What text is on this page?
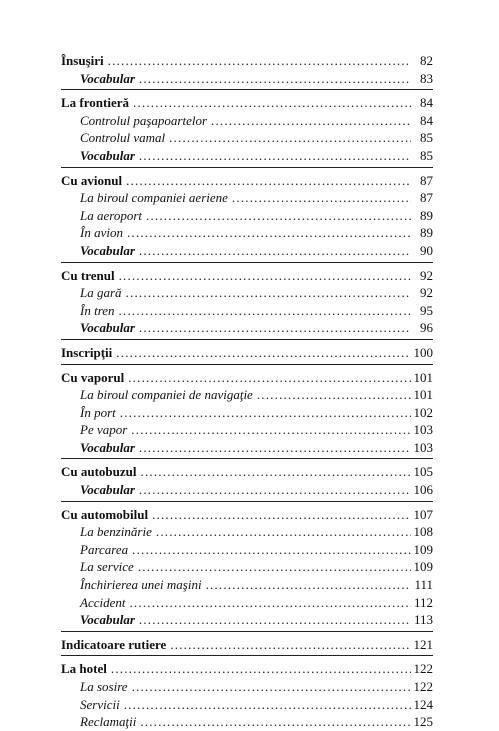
Însuşiri .....	82
Vocabular .....	83
La frontieră .....	84
Controlul paşapoartelor .....	84
Controlul vamal .....	85
Vocabular .....	85
Cu avionul .....	87
La biroul companiei aeriene .....	87
La aeroport .....	89
În avion .....	89
Vocabular .....	90
Cu trenul .....	92
La gară .....	92
În tren .....	95
Vocabular .....	96
Inscripţii .....	100
Cu vaporul .....	101
La biroul companiei de navigaţie .....	101
În port .....	102
Pe vapor .....	103
Vocabular .....	103
Cu autobuzul .....	105
Vocabular .....	106
Cu automobilul .....	107
La benzinărie .....	108
Parcarea .....	109
La service .....	109
Închirierea unei maşini .....	111
Accident .....	112
Vocabular .....	113
Indicatoare rutiere .....	121
La hotel .....	122
La sosire .....	122
Servicii .....	124
Reclamaţii .....	125
